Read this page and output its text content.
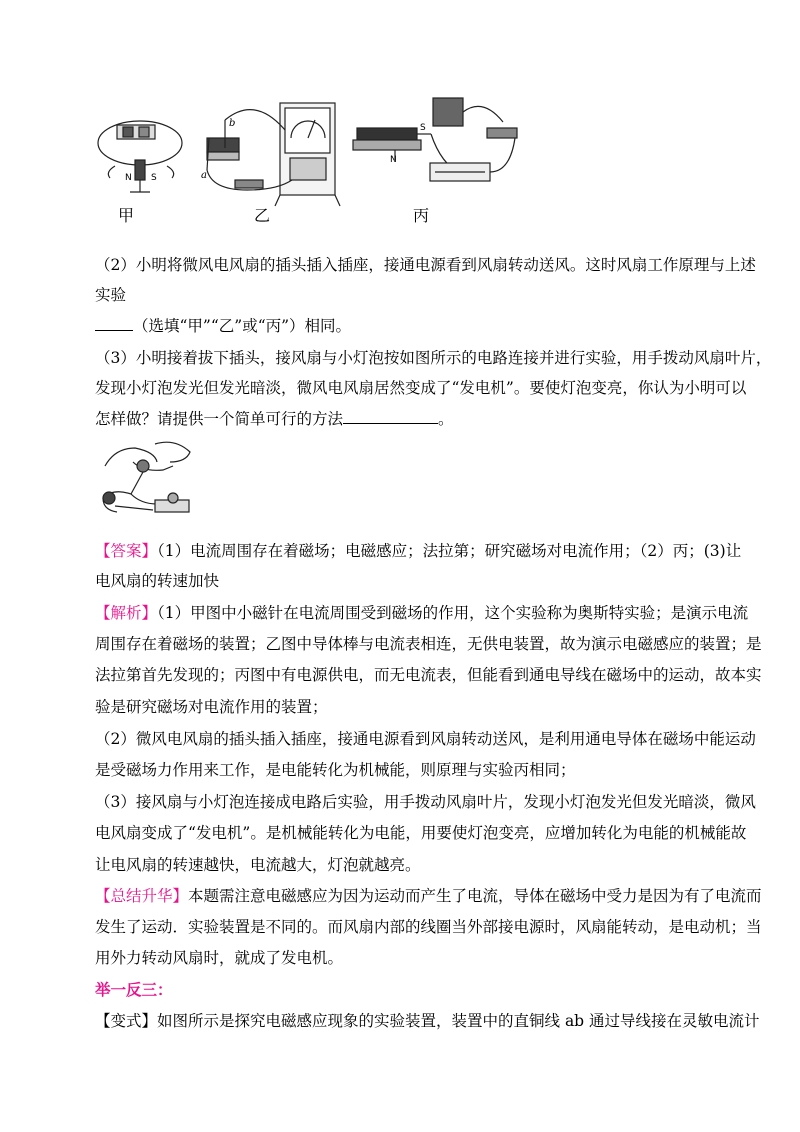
N S
b
a
N
S
甲	乙	丙
（2）小明将微风电风扇的插头插入插座，接通电源看到风扇转动送风。这时风扇工作原理与上述
实验
（选填“甲”“乙”或“丙”）相同。
（3）小明接着拔下插头，接风扇与小灯泡按如图所示的电路连接并进行实验，用手拨动风扇叶片，
发现小灯泡发光但发光暗淡，微风电风扇居然变成了“发电机”。要使灯泡变亮，你认为小明可以
怎样做？请提供一个简单可行的方法	。
【答案】（1）电流周围存在着磁场；电磁感应；法拉第；研究磁场对电流作用；（2）丙；(3)让
电风扇的转速加快
【解析】（1）甲图中小磁针在电流周围受到磁场的作用，这个实验称为奥斯特实验；是演示电流
周围存在着磁场的装置；乙图中导体棒与电流表相连，无供电装置，故为演示电磁感应的装置；是
法拉第首先发现的；丙图中有电源供电，而无电流表，但能看到通电导线在磁场中的运动，故本实
验是研究磁场对电流作用的装置；
（2）微风电风扇的插头插入插座，接通电源看到风扇转动送风，是利用通电导体在磁场中能运动
是受磁场力作用来工作，是电能转化为机械能，则原理与实验丙相同；
（3）接风扇与小灯泡连接成电路后实验，用手拨动风扇叶片，发现小灯泡发光但发光暗淡，微风
电风扇变成了“发电机”。是机械能转化为电能，用要使灯泡变亮，应增加转化为电能的机械能故
让电风扇的转速越快，电流越大，灯泡就越亮。
【总结升华】本题需注意电磁感应为因为运动而产生了电流，导体在磁场中受力是因为有了电流而
发生了运动．实验装置是不同的。而风扇内部的线圈当外部接电源时，风扇能转动，是电动机；当
用外力转动风扇时，就成了发电机。
举一反三：
【变式】如图所示是探究电磁感应现象的实验装置，装置中的直铜线 ab 通过导线接在灵敏电流计
